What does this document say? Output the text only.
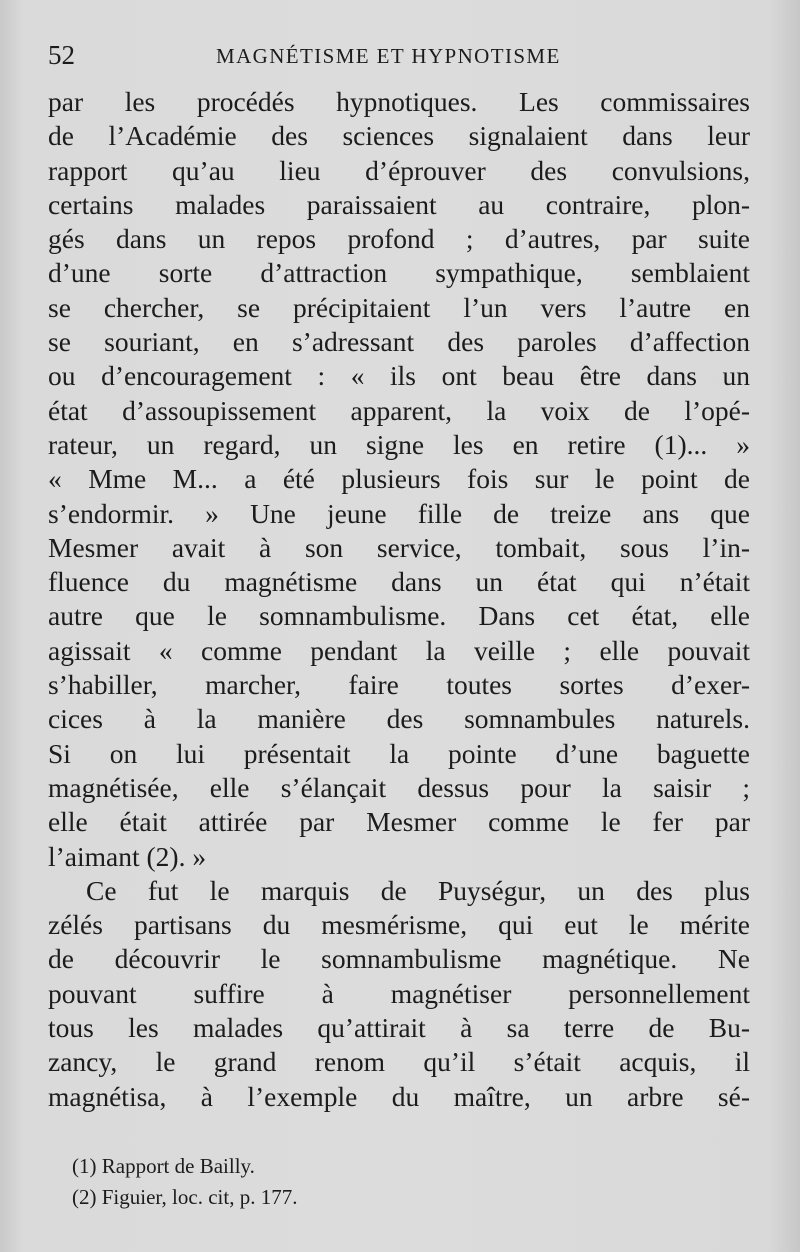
52	MAGNÉTISME ET HYPNOTISME
par les procédés hypnotiques. Les commissaires
de l’Académie des sciences signalaient dans leur
rapport qu’au lieu d’éprouver des convulsions,
certains malades paraissaient au contraire, plon-
gés dans un repos profond ; d’autres, par suite
d’une sorte d’attraction sympathique, semblaient
se chercher, se précipitaient l’un vers l’autre en
se souriant, en s’adressant des paroles d’affection
ou d’encouragement : « ils ont beau être dans un
état d’assoupissement apparent, la voix de l’opé-
rateur, un regard, un signe les en retire (1)... »
« Mme M... a été plusieurs fois sur le point de
s’endormir. » Une jeune fille de treize ans que
Mesmer avait à son service, tombait, sous l’in-
fluence du magnétisme dans un état qui n’était
autre que le somnambulisme. Dans cet état, elle
agissait « comme pendant la veille ; elle pouvait
s’habiller, marcher, faire toutes sortes d’exer-
cices à la manière des somnambules naturels.
Si on lui présentait la pointe d’une baguette
magnétisée, elle s’élançait dessus pour la saisir ;
elle était attirée par Mesmer comme le fer par
l’aimant (2). »
Ce fut le marquis de Puységur, un des plus
zélés partisans du mesmérisme, qui eut le mérite
de découvrir le somnambulisme magnétique. Ne
pouvant suffire à magnétiser personnellement
tous les malades qu’attirait à sa terre de Bu-
zancy, le grand renom qu’il s’était acquis, il
magnétisa, à l’exemple du maître, un arbre sé-
(1) Rapport de Bailly.
(2) Figuier, loc. cit, p. 177.
